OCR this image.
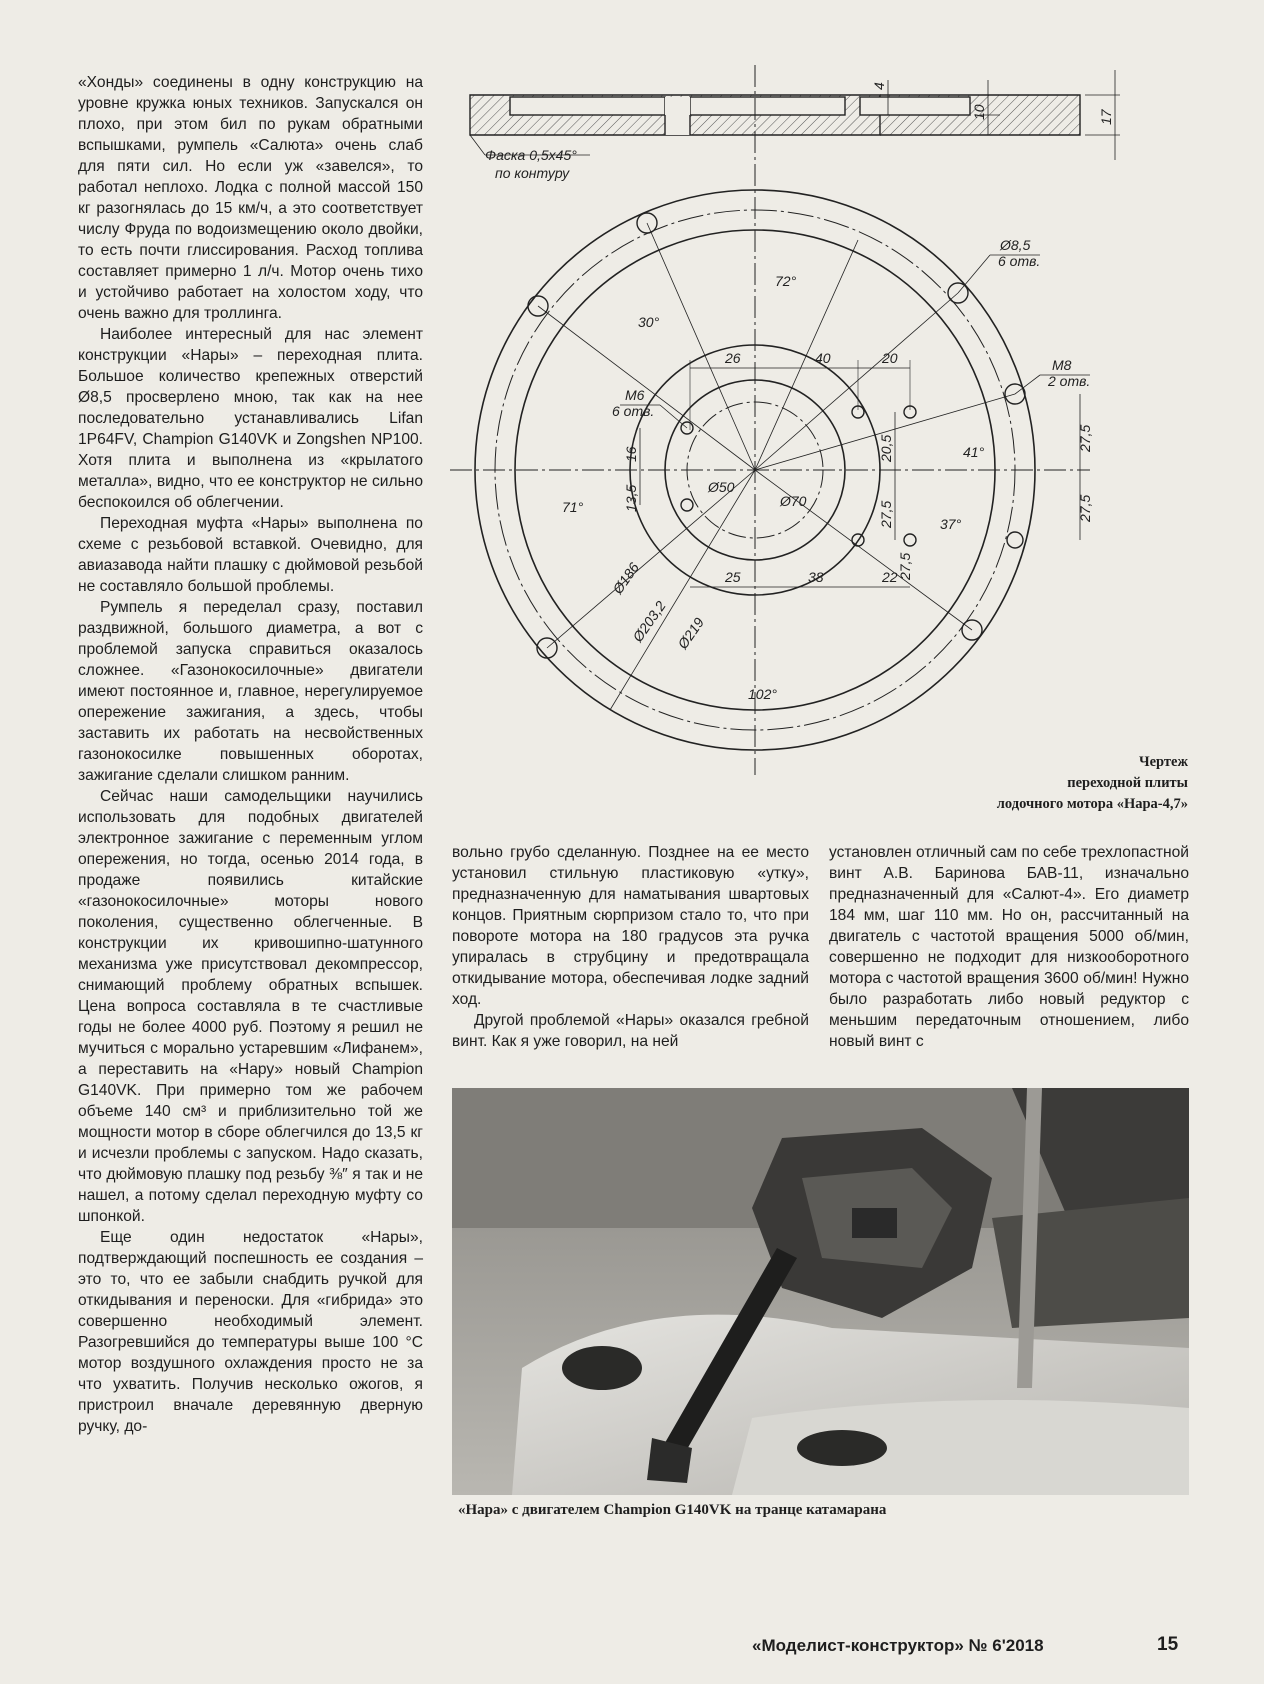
«Хонды» соединены в одну конструкцию на уровне кружка юных техников. Запускался он плохо, при этом бил по рукам обратными вспышками, румпель «Салюта» очень слаб для пяти сил. Но если уж «завелся», то работал неплохо. Лодка с полной массой 150 кг разогнялась до 15 км/ч, а это соответствует числу Фруда по водоизмещению около двойки, то есть почти глиссирования. Расход топлива составляет примерно 1 л/ч. Мотор очень тихо и устойчиво работает на холостом ходу, что очень важно для троллинга.

Наиболее интересный для нас элемент конструкции «Нары» – переходная плита. Большое количество крепежных отверстий Ø8,5 просверлено мною, так как на нее последовательно устанавливались Lifan 1P64FV, Champion G140VK и Zongshen NP100. Хотя плита и выполнена из «крылатого металла», видно, что ее конструктор не сильно беспокоился об облегчении.

Переходная муфта «Нары» выполнена по схеме с резьбовой вставкой. Очевидно, для авиазавода найти плашку с дюймовой резьбой не составляло большой проблемы.

Румпель я переделал сразу, поставил раздвижной, большого диаметра, а вот с проблемой запуска справиться оказалось сложнее. «Газонокосилочные» двигатели имеют постоянное и, главное, нерегулируемое опережение зажигания, а здесь, чтобы заставить их работать на несвойственных газонокосилке повышенных оборотах, зажигание сделали слишком ранним.

Сейчас наши самодельщики научились использовать для подобных двигателей электронное зажигание с переменным углом опережения, но тогда, осенью 2014 года, в продаже появились китайские «газонокосилочные» моторы нового поколения, существенно облегченные. В конструкции их кривошипно-шатунного механизма уже присутствовал декомпрессор, снимающий проблему обратных вспышек. Цена вопроса составляла в те счастливые годы не более 4000 руб. Поэтому я решил не мучиться с морально устаревшим «Лифанем», а переставить на «Нару» новый Champion G140VK. При примерно том же рабочем объеме 140 см³ и приблизительно той же мощности мотор в сборе облегчился до 13,5 кг и исчезли проблемы с запуском. Надо сказать, что дюймовую плашку под резьбу ⅜″ я так и не нашел, а потому сделал переходную муфту со шпонкой.

Еще один недостаток «Нары», подтверждающий поспешность ее создания – это то, что ее забыли снабдить ручкой для откидывания и переноски. Для «гибрида» это совершенно необходимый элемент. Разогревшийся до температуры выше 100 °С мотор воздушного охлаждения просто не за что ухватить. Получив несколько ожогов, я пристроил вначале деревянную дверную ручку, до-

Фаска 0,5х45°
по контуру
4
10	17
Ø8,5
6 отв.
M8
2 отв.
M6
6 отв.
72°
30°
41°
71°
37°
102°
26	40	20
16
13,5
20,5
27,5
27,5
27,5
27,5
25	38	22
Ø50
Ø70
Ø186
Ø203,2 Ø219
Чертеж
переходной плиты
лодочного мотора «Нара-4,7»

вольно грубо сделанную. Позднее на ее место установил стильную пластиковую «утку», предназначенную для наматывания швартовых концов. Приятным сюрпризом стало то, что при повороте мотора на 180 градусов эта ручка упиралась в струбцину и предотвращала откидывание мотора, обеспечивая лодке задний ход.

Другой проблемой «Нары» оказался гребной винт. Как я уже говорил, на ней

установлен отличный сам по себе трехлопастной винт А.В. Баринова БАВ-11, изначально предназначенный для «Салют-4». Его диаметр 184 мм, шаг 110 мм. Но он, рассчитанный на двигатель с частотой вращения 5000 об/мин, совершенно не подходит для низкооборотного мотора с частотой вращения 3600 об/мин! Нужно было разработать либо новый редуктор с меньшим передаточным отношением, либо новый винт с

«Нара» с двигателем Champion G140VK на транце катамарана
«Моделист-конструктор» № 6'2018	15
